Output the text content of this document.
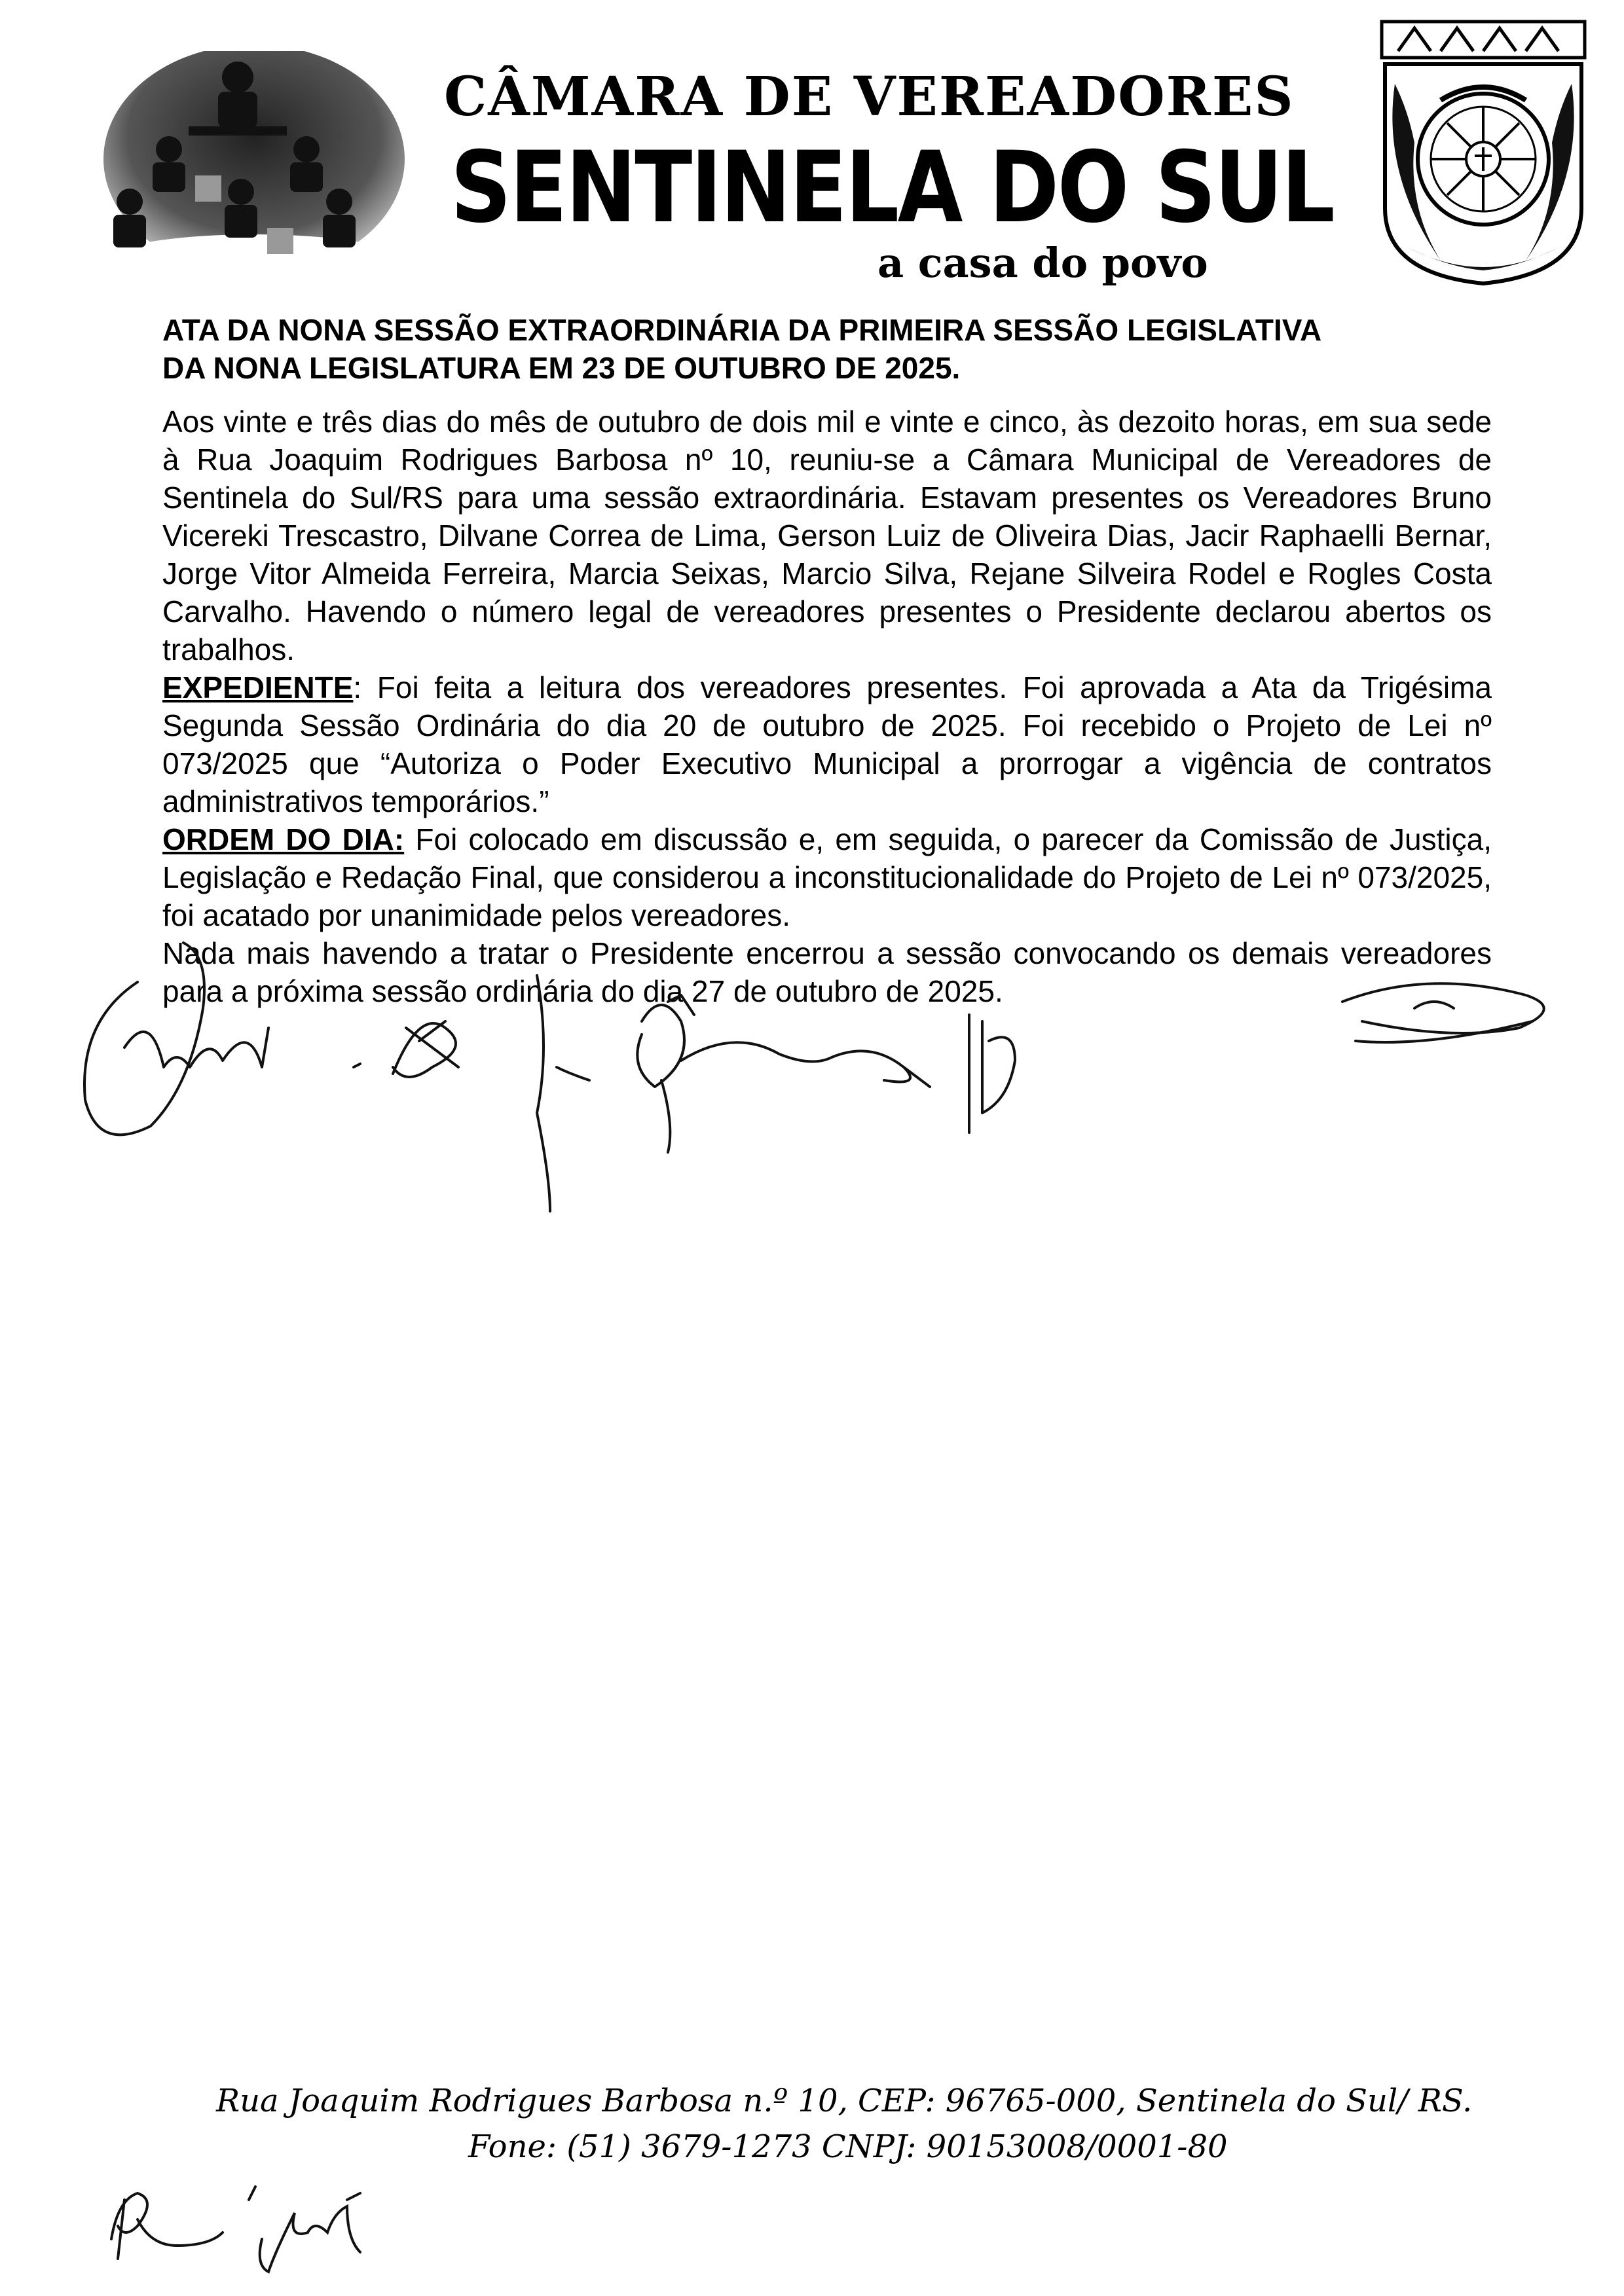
CÂMARA DE VEREADORES
SENTINELA DO SUL
a casa do povo
ATA DA NONA SESSÃO EXTRAORDINÁRIA DA PRIMEIRA SESSÃO LEGISLATIVA
DA NONA LEGISLATURA EM 23 DE OUTUBRO DE 2025.

Aos vinte e três dias do mês de outubro de dois mil e vinte e cinco, às dezoito horas, em sua sede à Rua Joaquim Rodrigues Barbosa nº 10, reuniu-se a Câmara Municipal de Vereadores de Sentinela do Sul/RS para uma sessão extraordinária. Estavam presentes os Vereadores Bruno Vicereki Trescastro, Dilvane Correa de Lima, Gerson Luiz de Oliveira Dias, Jacir Raphaelli Bernar, Jorge Vitor Almeida Ferreira, Marcia Seixas, Marcio Silva, Rejane Silveira Rodel e Rogles Costa Carvalho. Havendo o número legal de vereadores presentes o Presidente declarou abertos os trabalhos.

EXPEDIENTE: Foi feita a leitura dos vereadores presentes. Foi aprovada a Ata da Trigésima Segunda Sessão Ordinária do dia 20 de outubro de 2025. Foi recebido o Projeto de Lei nº 073/2025 que “Autoriza o Poder Executivo Municipal a prorrogar a vigência de contratos administrativos temporários.”

ORDEM DO DIA: Foi colocado em discussão e, em seguida, o parecer da Comissão de Justiça, Legislação e Redação Final, que considerou a inconstitucionalidade do Projeto de Lei nº 073/2025, foi acatado por unanimidade pelos vereadores.

Nada mais havendo a tratar o Presidente encerrou a sessão convocando os demais vereadores para a próxima sessão ordinária do dia 27 de outubro de 2025.

Rua Joaquim Rodrigues Barbosa n.º 10, CEP: 96765-000, Sentinela do Sul/ RS.
Fone: (51) 3679-1273 CNPJ: 90153008/0001-80
